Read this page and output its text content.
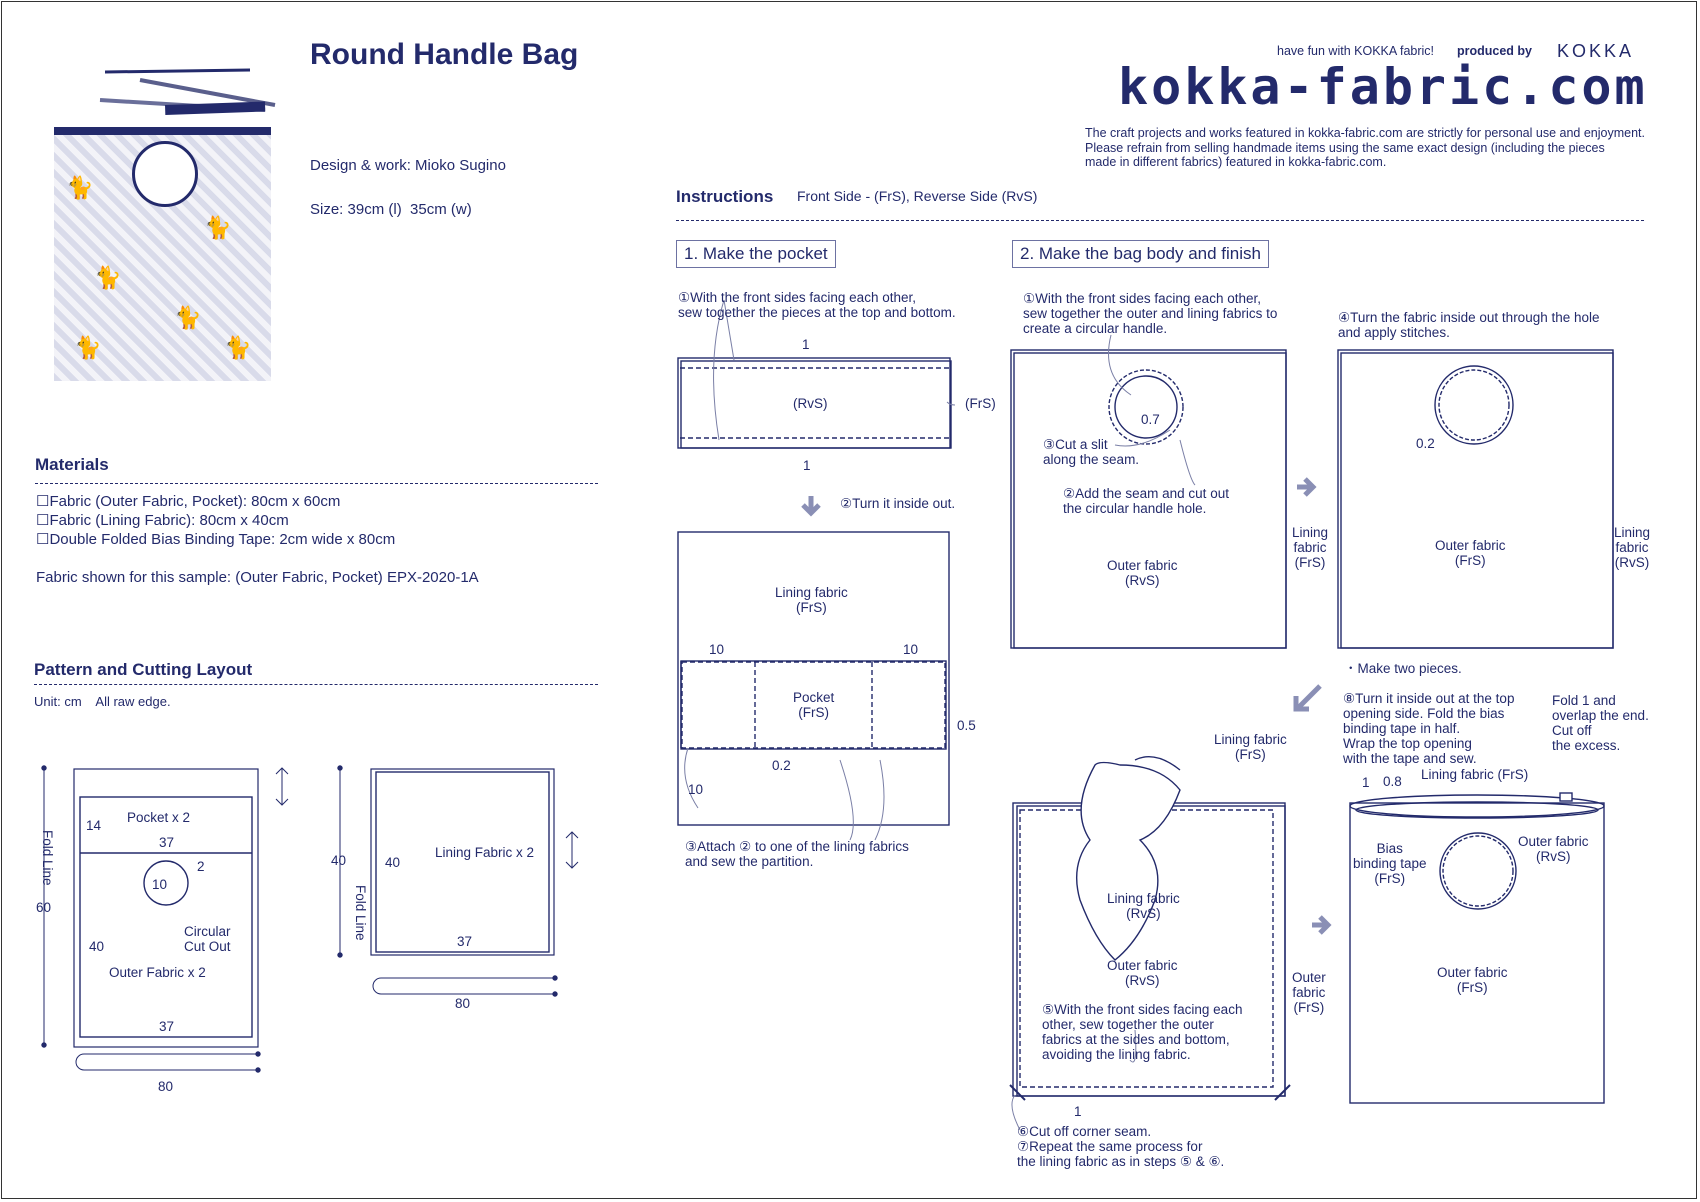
🐈
🐈
🐈
🐈
🐈	🐈
Round Handle Bag
Design & work: Mioko Sugino
Size: 39cm (l)  35cm (w)
have fun with KOKKA fabric! produced by KOKKA
kokka-fabric.com
The craft projects and works featured in kokka-fabric.com are strictly for personal use and enjoyment.
Please refrain from selling handmade items using the same exact design (including the pieces
made in different fabrics) featured in kokka-fabric.com.
Materials
☐Fabric (Outer Fabric, Pocket): 80cm x 60cm
☐Fabric (Lining Fabric): 80cm x 40cm
☐Double Folded Bias Binding Tape: 2cm wide x 80cm
Fabric shown for this sample: (Outer Fabric, Pocket) EPX-2020-1A
Pattern and Cutting Layout
Unit: cm    All raw edge.
Instructions Front Side - (FrS), Reverse Side (RvS)
1. Make the pocket	2. Make the bag body and finish
Pocket x 2
Fold Line
14
37
2
10
Circular
Cut Out
60
40
Outer Fabric x 2
37
80
40	40
Fold Line
Lining Fabric x 2
37
80
①With the front sides facing each other,
sew together the pieces at the top and bottom.
1
(RvS)	(FrS)
1
②Turn it inside out.
Lining fabric
(FrS)
10	10
Pocket
(FrS)
0.5
0.2
10
③Attach ② to one of the lining fabrics
and sew the partition.
①With the front sides facing each other,
sew together the outer and lining fabrics to
create a circular handle.
0.7
③Cut a slit
along the seam.
②Add the seam and cut out
the circular handle hole.
Outer fabric
(RvS)
Lining
fabric
(FrS)
④Turn the fabric inside out through the hole
and apply stitches.
0.2
Outer fabric
(FrS)
Lining
fabric
(RvS)
・Make two pieces.
Lining fabric
(FrS)
Lining fabric
(RvS)
Outer fabric
(RvS)
⑤With the front sides facing each
other, sew together the outer
fabrics at the sides and bottom,
avoiding the lining fabric.
Outer
fabric
(FrS)
1
⑥Cut off corner seam.
⑦Repeat the same process for
the lining fabric as in steps ⑤ & ⑥.
⑧Turn it inside out at the top
opening side. Fold the bias
binding tape in half.
Wrap the top opening
with the tape and sew.
Fold 1 and
overlap the end.
Cut off
the excess.
1 0.8 Lining fabric (FrS)
Bias
binding tape
(FrS)
Outer fabric
(RvS)
Outer fabric
(FrS)
